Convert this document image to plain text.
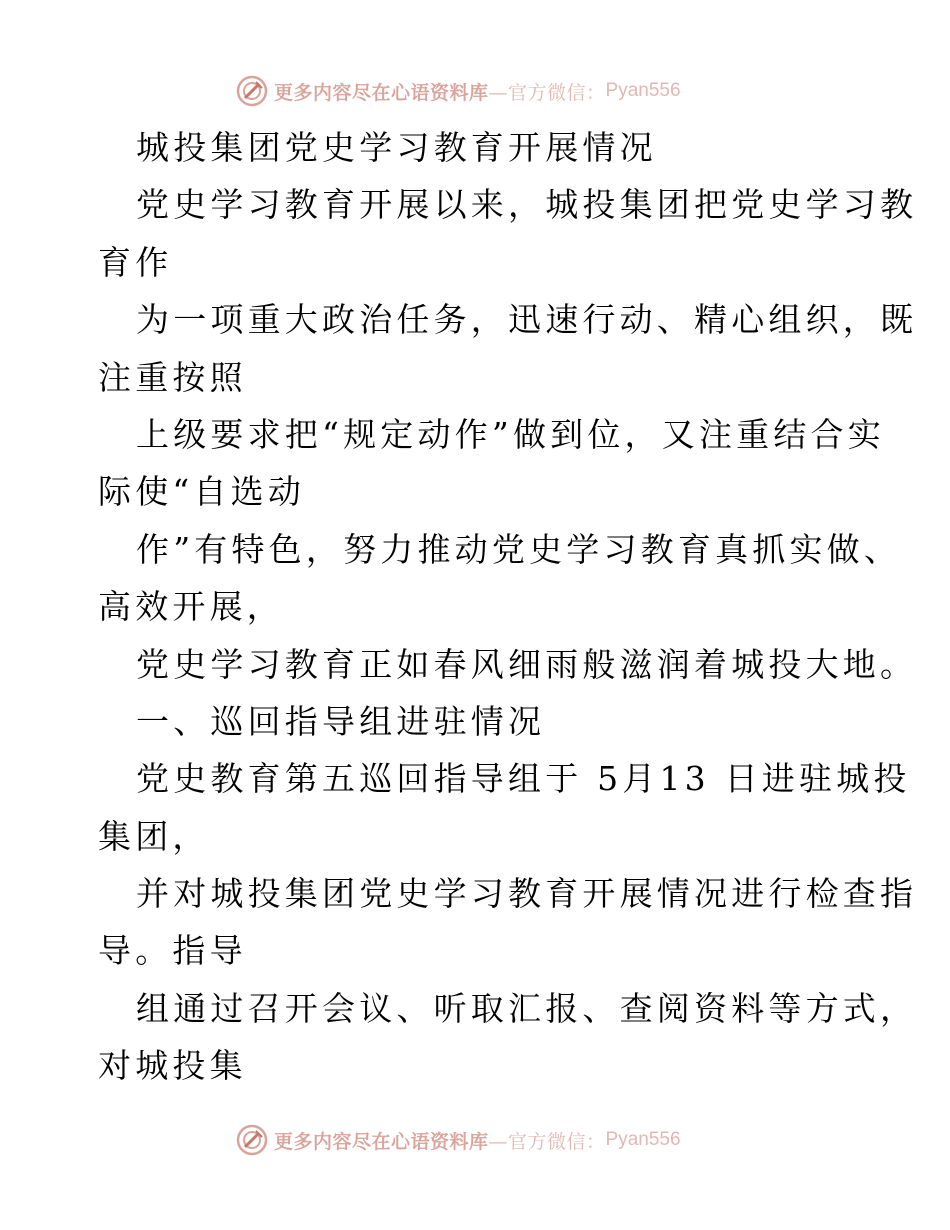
更多内容尽在心语资料库 —官方微信： Pyan556
城投集团党史学习教育开展情况
党史学习教育开展以来，城投集团把党史学习教
育作
为一项重大政治任务，迅速行动、精心组织，既
注重按照
上级要求把“规定动作”做到位，又注重结合实
际使“自选动
作”有特色，努力推动党史学习教育真抓实做、
高效开展，
党史学习教育正如春风细雨般滋润着城投大地。
一、巡回指导组进驻情况
党史教育第五巡回指导组于 5月13 日进驻城投
集团，
并对城投集团党史学习教育开展情况进行检查指
导。指导
组通过召开会议、听取汇报、查阅资料等方式，
对城投集
更多内容尽在心语资料库 —官方微信： Pyan556
